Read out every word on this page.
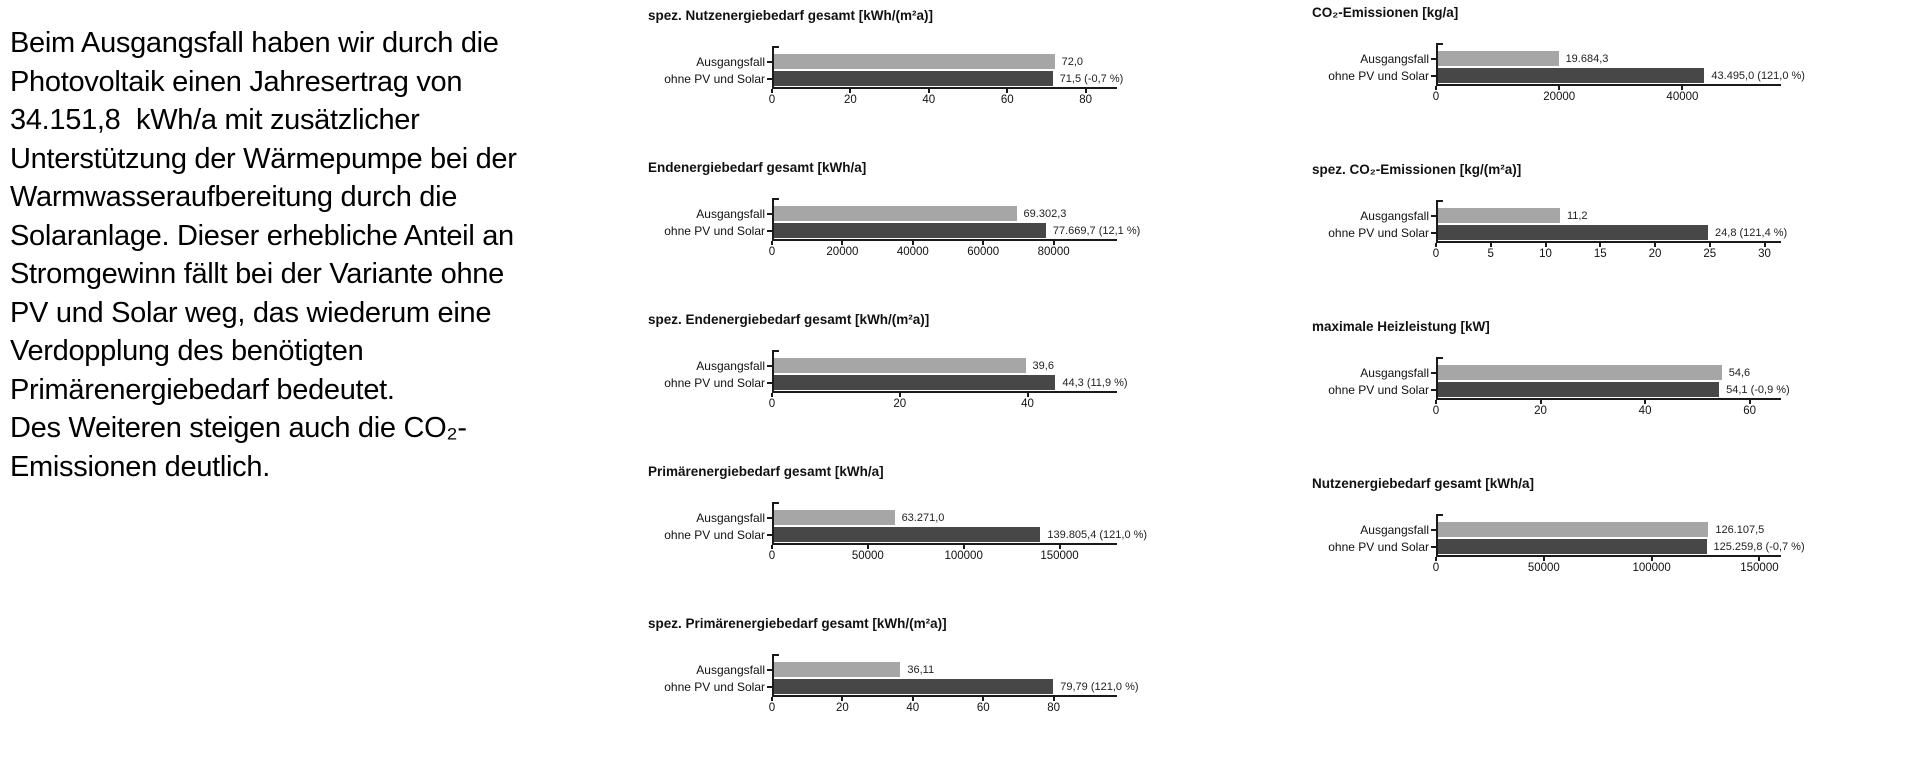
Beim Ausgangsfall haben wir durch die
Photovoltaik einen Jahresertrag von
34.151,8  kWh/a mit zusätzlicher
Unterstützung der Wärmepumpe bei der
Warmwasseraufbereitung durch die
Solaranlage. Dieser erhebliche Anteil an
Stromgewinn fällt bei der Variante ohne
PV und Solar weg, das wiederum eine
Verdopplung des benötigten
Primärenergiebedarf bedeutet.
Des Weiteren steigen auch die CO₂-
Emissionen deutlich.
spez. Nutzenergiebedarf gesamt [kWh/(m²a)]
Ausgangsfall	72,0
ohne PV und Solar	71,5 (-0,7 %)
0	20	40	60	80
Endenergiebedarf gesamt [kWh/a]
Ausgangsfall	69.302,3
ohne PV und Solar	77.669,7 (12,1 %)
0	20000	40000	60000	80000
spez. Endenergiebedarf gesamt [kWh/(m²a)]
Ausgangsfall	39,6
ohne PV und Solar	44,3 (11,9 %)
0	20	40
Primärenergiebedarf gesamt [kWh/a]
Ausgangsfall	63.271,0
ohne PV und Solar	139.805,4 (121,0 %)
0	50000	100000	150000
spez. Primärenergiebedarf gesamt [kWh/(m²a)]
Ausgangsfall	36,11
ohne PV und Solar	79,79 (121,0 %)
0	20	40	60	80
CO₂-Emissionen [kg/a]
Ausgangsfall	19.684,3
ohne PV und Solar	43.495,0 (121,0 %)
0	20000	40000
spez. CO₂-Emissionen [kg/(m²a)]
Ausgangsfall	11,2
ohne PV und Solar	24,8 (121,4 %)
0	5	10	15	20	25	30
maximale Heizleistung [kW]
Ausgangsfall	54,6
ohne PV und Solar	54,1 (-0,9 %)
0	20	40	60
Nutzenergiebedarf gesamt [kWh/a]
Ausgangsfall	126.107,5
ohne PV und Solar	125.259,8 (-0,7 %)
0	50000	100000	150000
